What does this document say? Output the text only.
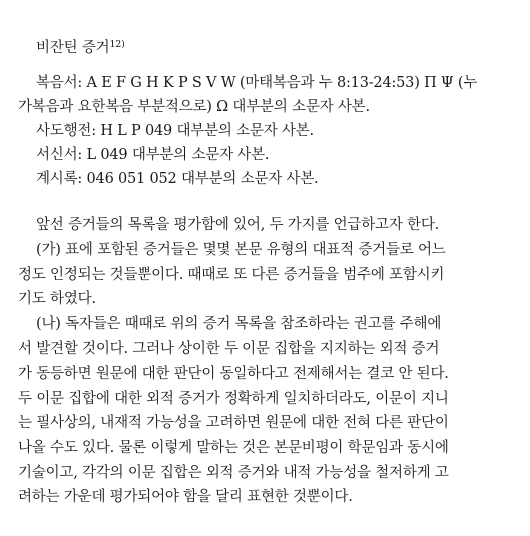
비잔틴 증거$^{12)}$
복음서: A E F G H K P S V W (마태복음과 누 8:13-24:53) Π Ψ (누
가복음과 요한복음 부분적으로) Ω 대부분의 소문자 사본.
사도행전: H L P 049 대부분의 소문자 사본.
서신서: L 049 대부분의 소문자 사본.
계시록: 046 051 052 대부분의 소문자 사본.
앞선 증거들의 목록을 평가함에 있어, 두 가지를 언급하고자 한다.
(가) 표에 포함된 증거들은 몇몇 본문 유형의 대표적 증거들로 어느
정도 인정되는 것들뿐이다. 때때로 또 다른 증거들을 범주에 포함시키
기도 하였다.
(나) 독자들은 때때로 위의 증거 목록을 참조하라는 권고를 주해에
서 발견할 것이다. 그러나 상이한 두 이문 집합을 지지하는 외적 증거
가 동등하면 원문에 대한 판단이 동일하다고 전제해서는 결코 안 된다.
두 이문 집합에 대한 외적 증거가 정확하게 일치하더라도, 이문이 지니
는 필사상의, 내재적 가능성을 고려하면 원문에 대한 전혀 다른 판단이
나올 수도 있다. 물론 이렇게 말하는 것은 본문비평이 학문임과 동시에
기술이고, 각각의 이문 집합은 외적 증거와 내적 가능성을 철저하게 고
려하는 가운데 평가되어야 함을 달리 표현한 것뿐이다.
